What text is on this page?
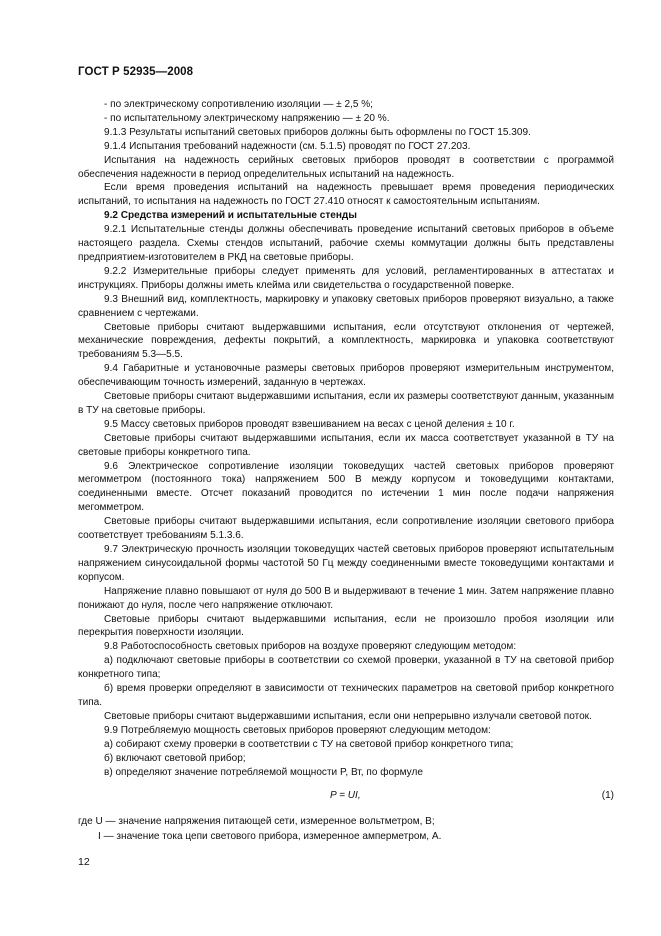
ГОСТ Р 52935—2008

- по электрическому сопротивлению изоляции — ± 2,5 %;

- по испытательному электрическому напряжению — ± 20 %.

9.1.3 Результаты испытаний световых приборов должны быть оформлены по ГОСТ 15.309.

9.1.4 Испытания требований надежности (см. 5.1.5) проводят по ГОСТ 27.203.

Испытания на надежность серийных световых приборов проводят в соответствии с программой обеспечения надежности в период определительных испытаний на надежность.

Если время проведения испытаний на надежность превышает время проведения периодических испытаний, то испытания на надежность по ГОСТ 27.410 относят к самостоятельным испытаниям.

9.2 Средства измерений и испытательные стенды

9.2.1 Испытательные стенды должны обеспечивать проведение испытаний световых приборов в объеме настоящего раздела. Схемы стендов испытаний, рабочие схемы коммутации должны быть представлены предприятием-изготовителем в РКД на световые приборы.

9.2.2 Измерительные приборы следует применять для условий, регламентированных в аттестатах и инструкциях. Приборы должны иметь клейма или свидетельства о государственной поверке.

9.3 Внешний вид, комплектность, маркировку и упаковку световых приборов проверяют визуально, а также сравнением с чертежами.

Световые приборы считают выдержавшими испытания, если отсутствуют отклонения от чертежей, механические повреждения, дефекты покрытий, а комплектность, маркировка и упаковка соответствуют требованиям 5.3—5.5.

9.4 Габаритные и установочные размеры световых приборов проверяют измерительным инструментом, обеспечивающим точность измерений, заданную в чертежах.

Световые приборы считают выдержавшими испытания, если их размеры соответствуют данным, указанным в ТУ на световые приборы.

9.5 Массу световых приборов проводят взвешиванием на весах с ценой деления ± 10 г.

Световые приборы считают выдержавшими испытания, если их масса соответствует указанной в ТУ на световые приборы конкретного типа.

9.6 Электрическое сопротивление изоляции токоведущих частей световых приборов проверяют мегомметром (постоянного тока) напряжением 500 В между корпусом и токоведущими контактами, соединенными вместе. Отсчет показаний проводится по истечении 1 мин после подачи напряжения мегомметром.

Световые приборы считают выдержавшими испытания, если сопротивление изоляции светового прибора соответствует требованиям 5.1.3.6.

9.7 Электрическую прочность изоляции токоведущих частей световых приборов проверяют испытательным напряжением синусоидальной формы частотой 50 Гц между соединенными вместе токоведущими контактами и корпусом.

Напряжение плавно повышают от нуля до 500 В и выдерживают в течение 1 мин. Затем напряжение плавно понижают до нуля, после чего напряжение отключают.

Световые приборы считают выдержавшими испытания, если не произошло пробоя изоляции или перекрытия поверхности изоляции.

9.8 Работоспособность световых приборов на воздухе проверяют следующим методом:

а) подключают световые приборы в соответствии со схемой проверки, указанной в ТУ на световой прибор конкретного типа;

б) время проверки определяют в зависимости от технических параметров на световой прибор конкретного типа.

Световые приборы считают выдержавшими испытания, если они непрерывно излучали световой поток.

9.9 Потребляемую мощность световых приборов проверяют следующим методом:

а) собирают схему проверки в соответствии с ТУ на световой прибор конкретного типа;

б) включают световой прибор;

в) определяют значение потребляемой мощности P, Вт, по формуле

P = UI,	(1)
где U — значение напряжения питающей сети, измеренное вольтметром, В;
I — значение тока цепи светового прибора, измеренное амперметром, А.
12
